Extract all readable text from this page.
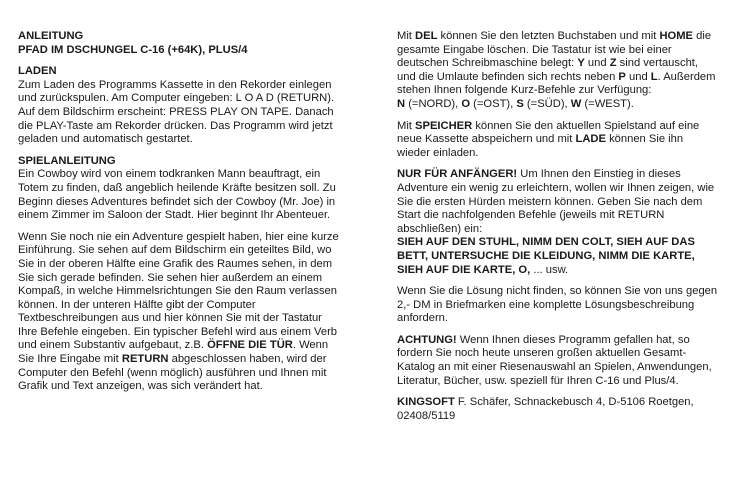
ANLEITUNG

PFAD IM DSCHUNGEL C-16 (+64K), PLUS/4

LADEN

Zum Laden des Programms Kassette in den Rekorder einlegen und zurückspulen. Am Computer eingeben: L O A D (RETURN). Auf dem Bildschirm erscheint: PRESS PLAY ON TAPE. Danach die PLAY-Taste am Rekorder drücken. Das Programm wird jetzt geladen und automatisch gestartet.

SPIELANLEITUNG

Ein Cowboy wird von einem todkranken Mann beauftragt, ein Totem zu finden, daß angeblich heilende Kräfte besitzen soll. Zu Beginn dieses Adventures befindet sich der Cowboy (Mr. Joe) in einem Zimmer im Saloon der Stadt. Hier beginnt Ihr Abenteuer.

Wenn Sie noch nie ein Adventure gespielt haben, hier eine kurze Einführung. Sie sehen auf dem Bildschirm ein geteiltes Bild, wo Sie in der oberen Hälfte eine Grafik des Raumes sehen, in dem Sie sich gerade befinden. Sie sehen hier außerdem an einem Kompaß, in welche Himmelsrichtungen Sie den Raum verlassen können. In der unteren Hälfte gibt der Computer Textbeschreibungen aus und hier können Sie mit der Tastatur Ihre Befehle eingeben. Ein typischer Befehl wird aus einem Verb und einem Substantiv aufgebaut, z.B. ÖFFNE DIE TÜR. Wenn Sie Ihre Eingabe mit RETURN abgeschlossen haben, wird der Computer den Befehl (wenn möglich) ausführen und Ihnen mit Grafik und Text anzeigen, was sich verändert hat.

Mit DEL können Sie den letzten Buchstaben und mit HOME die gesamte Eingabe löschen. Die Tastatur ist wie bei einer deutschen Schreibmaschine belegt: Y und Z sind vertauscht, und die Umlaute befinden sich rechts neben P und L. Außerdem stehen Ihnen folgende Kurz-Befehle zur Verfügung:

N (=NORD), O (=OST), S (=SÜD), W (=WEST).

Mit SPEICHER können Sie den aktuellen Spielstand auf eine neue Kassette abspeichern und mit LADE können Sie ihn wieder einladen.

NUR FÜR ANFÄNGER! Um Ihnen den Einstieg in dieses Adventure ein wenig zu erleichtern, wollen wir Ihnen zeigen, wie Sie die ersten Hürden meistern können. Geben Sie nach dem Start die nachfolgenden Befehle (jeweils mit RETURN abschließen) ein:
SIEH AUF DEN STUHL, NIMM DEN COLT, SIEH AUF DAS BETT, UNTERSUCHE DIE KLEIDUNG, NIMM DIE KARTE, SIEH AUF DIE KARTE, O, ... usw.

Wenn Sie die Lösung nicht finden, so können Sie von uns gegen 2,- DM in Briefmarken eine komplette Lösungsbeschreibung anfordern.

ACHTUNG! Wenn Ihnen dieses Programm gefallen hat, so fordern Sie noch heute unseren großen aktuellen Gesamt-Katalog an mit einer Riesenauswahl an Spielen, Anwendungen, Literatur, Bücher, usw. speziell für Ihren C-16 und Plus/4.

KINGSOFT F. Schäfer, Schnackebusch 4, D-5106 Roetgen, 02408/5119
